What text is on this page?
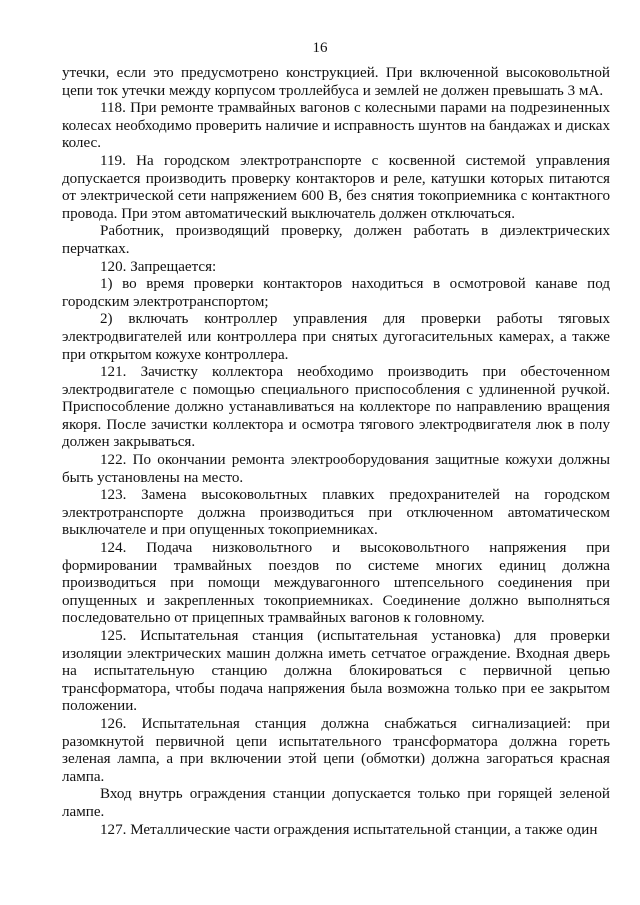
16

утечки, если это предусмотрено конструкцией. При включенной высоковольтной цепи ток утечки между корпусом троллейбуса и землей не должен превышать 3 мА.

118. При ремонте трамвайных вагонов с колесными парами на подрезиненных колесах необходимо проверить наличие и исправность шунтов на бандажах и дисках колес.

119. На городском электротранспорте с косвенной системой управления допускается производить проверку контакторов и реле, катушки которых питаются от электрической сети напряжением 600 В, без снятия токоприемника с контактного провода. При этом автоматический выключатель должен отключаться.

Работник, производящий проверку, должен работать в диэлектрических перчатках.

120. Запрещается:

1) во время проверки контакторов находиться в осмотровой канаве под городским электротранспортом;

2) включать контроллер управления для проверки работы тяговых электродвигателей или контроллера при снятых дугогасительных камерах, а также при открытом кожухе контроллера.

121. Зачистку коллектора необходимо производить при обесточенном электродвигателе с помощью специального приспособления с удлиненной ручкой. Приспособление должно устанавливаться на коллекторе по направлению вращения якоря. После зачистки коллектора и осмотра тягового электродвигателя люк в полу должен закрываться.

122. По окончании ремонта электрооборудования защитные кожухи должны быть установлены на место.

123. Замена высоковольтных плавких предохранителей на городском электротранспорте должна производиться при отключенном автоматическом выключателе и при опущенных токоприемниках.

124. Подача низковольтного и высоковольтного напряжения при формировании трамвайных поездов по системе многих единиц должна производиться при помощи междувагонного штепсельного соединения при опущенных и закрепленных токоприемниках. Соединение должно выполняться последовательно от прицепных трамвайных вагонов к головному.

125. Испытательная станция (испытательная установка) для проверки изоляции электрических машин должна иметь сетчатое ограждение. Входная дверь на испытательную станцию должна блокироваться с первичной цепью трансформатора, чтобы подача напряжения была возможна только при ее закрытом положении.

126. Испытательная станция должна снабжаться сигнализацией: при разомкнутой первичной цепи испытательного трансформатора должна гореть зеленая лампа, а при включении этой цепи (обмотки) должна загораться красная лампа.

Вход внутрь ограждения станции допускается только при горящей зеленой лампе.

127. Металлические части ограждения испытательной станции, а также один
